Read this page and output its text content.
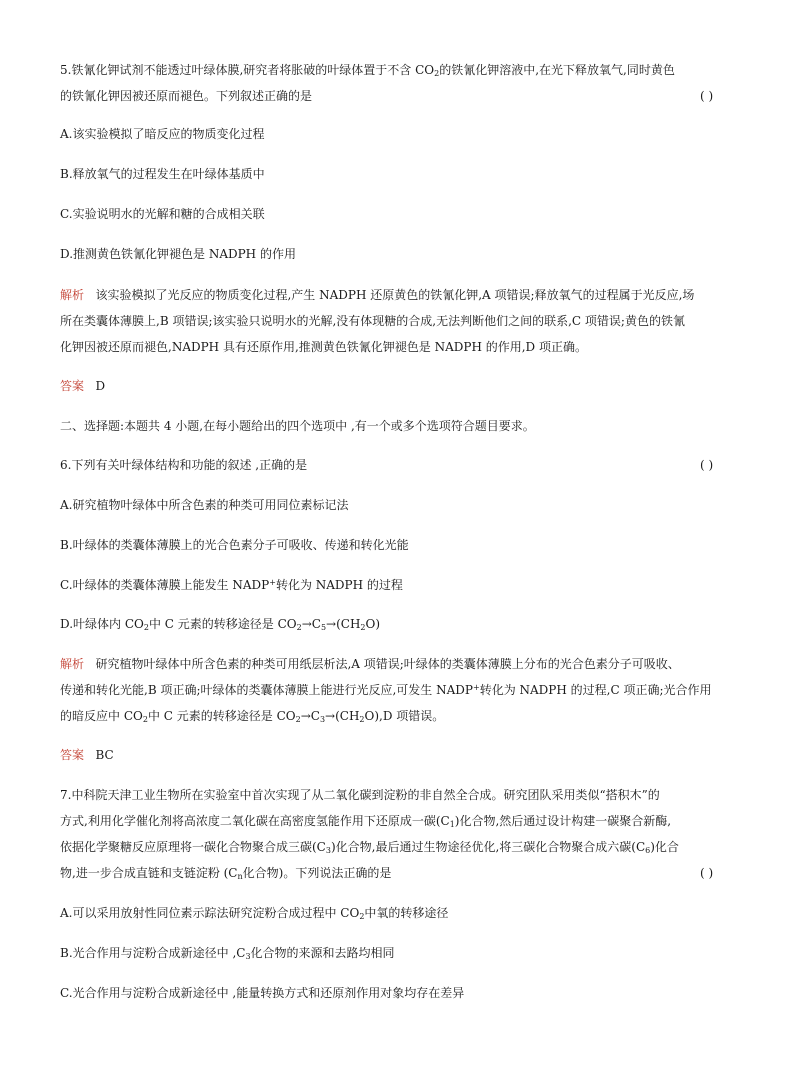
5.铁氰化钾试剂不能透过叶绿体膜,研究者将胀破的叶绿体置于不含 $CO_2$的铁氰化钾溶液中,在光下释放氧气,同时黄色
的铁氰化钾因被还原而褪色。下列叙述正确的是	( )
A.该实验模拟了暗反应的物质变化过程
B.释放氧气的过程发生在叶绿体基质中
C.实验说明水的光解和糖的合成相关联
D.推测黄色铁氰化钾褪色是 NADPH 的作用
解析 该实验模拟了光反应的物质变化过程,产生 NADPH 还原黄色的铁氰化钾,A 项错误;释放氧气的过程属于光反应,场
所在类囊体薄膜上,B 项错误;该实验只说明水的光解,没有体现糖的合成,无法判断他们之间的联系,C 项错误;黄色的铁氰
化钾因被还原而褪色,NADPH 具有还原作用,推测黄色铁氰化钾褪色是 NADPH 的作用,D 项正确。
答案 D
二、选择题:本题共 4 小题,在每小题给出的四个选项中 ,有一个或多个选项符合题目要求。
6.下列有关叶绿体结构和功能的叙述 ,正确的是	( )
A.研究植物叶绿体中所含色素的种类可用同位素标记法
B.叶绿体的类囊体薄膜上的光合色素分子可吸收、传递和转化光能
C.叶绿体的类囊体薄膜上能发生 NADP+转化为 NADPH 的过程
D.叶绿体内 $CO_2$中 C 元素的转移途径是 $CO_2\to C_5\to(CH_2O)$
解析 研究植物叶绿体中所含色素的种类可用纸层析法,A 项错误;叶绿体的类囊体薄膜上分布的光合色素分子可吸收、
传递和转化光能,B 项正确;叶绿体的类囊体薄膜上能进行光反应,可发生 NADP+转化为 NADPH 的过程,C 项正确;光合作用
的暗反应中 $CO_2$中 C 元素的转移途径是 $CO_2\to C_3\to(CH_2O),D$ 项错误。
答案 BC
7.中科院天津工业生物所在实验室中首次实现了从二氧化碳到淀粉的非自然全合成。研究团队采用类似“搭积木”的
方式,利用化学催化剂将高浓度二氧化碳在高密度氢能作用下还原成一碳$(C_1)$化合物,然后通过设计构建一碳聚合新酶,
依据化学聚糖反应原理将一碳化合物聚合成三碳$(C_3)$化合物,最后通过生物途径优化,将三碳化合物聚合成六碳$(C_6)$化合
物,进一步合成直链和支链淀粉 ($C_n$化合物)。下列说法正确的是	( )
A.可以采用放射性同位素示踪法研究淀粉合成过程中 $CO_2$中氧的转移途径
B.光合作用与淀粉合成新途径中 $,C_3$化合物的来源和去路均相同
C.光合作用与淀粉合成新途径中 ,能量转换方式和还原剂作用对象均存在差异
